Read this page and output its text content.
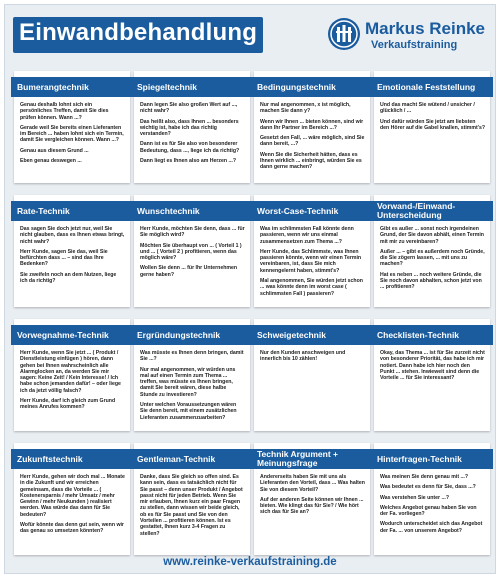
Einwandbehandlung	Markus Reinke
Verkaufstraining
Bumerangtechnik

Genau deshalb lohnt sich ein persönliches Treffen, damit Sie dies prüfen können. Wann ...?

Gerade weil Sie bereits einen Lieferanten im Bereich ... haben lohnt sich ein Termin, damit Sie vergleichen können. Wann ...?

Genau aus diesem Grund ...

Eben genau deswegen ...

Spiegeltechnik

Dann legen Sie also großen Wert auf ..., nicht wahr?

Das heißt also, dass Ihnen ... besonders wichtig ist, habe ich das richtig verstanden?

Dann ist es für Sie also von besonderer Bedeutung, dass ..., liege ich da richtig?

Dann liegt es Ihnen also am Herzen ...?

Bedingungstechnik

Nur mal angenommen, x ist möglich, machen Sie dann y?

Wenn wir Ihnen ... bieten können, sind wir dann Ihr Partner im Bereich ...?

Gesetzt den Fall, ... wäre möglich, sind Sie dann bereit, ...?

Wenn Sie die Sicherheit hätten, dass es Ihnen wirklich ... einbringt, würden Sie es dann gerne machen?

Emotionale Feststellung

Und das macht Sie wütend / unsicher / glücklich / ...

Und dafür würden Sie jetzt am liebsten den Hörer auf die Gabel knallen, stimmt's?

Rate-Technik

Das sagen Sie doch jetzt nur, weil Sie nicht glauben, dass es Ihnen etwas bringt, nicht wahr?

Herr Kunde, sagen Sie das, weil Sie befürchten dass ... – sind das Ihre Bedenken?

Sie zweifeln noch an dem Nutzen, liege ich da richtig?

Wunschtechnik

Herr Kunde, möchten Sie denn, dass ... für Sie möglich wird?

Möchten Sie überhaupt von ... ( Vorteil 1 ) und ... ( Vorteil 2 ) profitieren, wenn das möglich wäre?

Wollen Sie denn ... für Ihr Unternehmen gerne haben?

Worst-Case-Technik

Was im schlimmsten Fall könnte denn passieren, wenn wir uns einmal zusammensetzen zum Thema ...?

Herr Kunde, das Schlimmste, was Ihnen passieren könnte, wenn wir einen Termin vereinbaren, ist, dass Sie mich kennengelernt haben, stimmt's?

Mal angenommen, Sie würden jetzt schon ... was könnte denn im worst case ( schlimmsten Fall ) passieren?

Vorwand-/Einwand-Unterscheidung

Gibt es außer ... sonst noch irgendeinen Grund, der Sie davon abhält, einen Termin mit mir zu vereinbaren?

Außer ... – gibt es außerdem noch Gründe, die Sie zögern lassen, ... mit uns zu machen?

Hat es neben ... noch weitere Gründe, die Sie noch davon abhalten, schon jetzt von ... profitieren?

Vorwegnahme-Technik

Herr Kunde, wenn Sie jetzt ... ( Produkt / Dienstleistung einfügen ) hören, dann gehen bei Ihnen wahrscheinlich alle Alarmglocken an, da werden Sie mir sagen: Keine Zeit! / Kein Interesse! / Ich habe schon jemanden dafür! – oder liege ich da jetzt völlig falsch?

Herr Kunde, darf ich gleich zum Grund meines Anrufes kommen?

Ergründungstechnik

Was müsste es Ihnen denn bringen, damit Sie ...?

Nur mal angenommen, wir würden uns mal auf einen Termin zum Thema ... treffen, was müsste es Ihnen bringen, damit Sie bereit wären, diese halbe Stunde zu investieren?

Unter welchen Voraussetzungen wären Sie denn bereit, mit einem zusätzlichen Lieferanten zusammenzuarbeiten?

Schweigetechnik

Nur den Kunden anschweigen und innerlich bis 10 zählen!

Checklisten-Technik

Okay, das Thema ... ist für Sie zurzeit nicht von besonderer Priorität, das habe ich mir notiert. Dann habe ich hier noch den Punkt ... stehen. Inwieweit sind denn die Vorteile ... für Sie interessant?

Zukunftstechnik

Herr Kunde, gehen wir doch mal ... Monate in die Zukunft und wir erreichen gemeinsam, dass die Vorteile ... ( Kostenersparnis / mehr Umsatz / mehr Gewinn / mehr Neukunden ) realisiert werden. Was würde das dann für Sie bedeuten?

Wofür könnte das denn gut sein, wenn wir das genau so umsetzen könnten?

Gentleman-Technik

Danke, dass Sie gleich so offen sind. Es kann sein, dass es tatsächlich nicht für Sie passt – denn unser Produkt / Angebot passt nicht für jeden Betrieb. Wenn Sie mir erlauben, Ihnen kurz ein paar Fragen zu stellen, dann wissen wir beide gleich, ob es für Sie passt und Sie von den Vorteilen ... profitieren können. Ist es gestattet, Ihnen kurz 3-4 Fragen zu stellen?

Technik Argument + Meinungsfrage

Andererseits haben Sie mit uns als Lieferanten den Vorteil, dass ... Was halten Sie von diesem Vorteil?

Auf der anderen Seite können wir Ihnen ... bieten. Wie klingt das für Sie? / Wie hört sich das für Sie an?

Hinterfragen-Technik

Was meinen Sie denn genau mit ...?

Was bedeutet es denn für Sie, dass ...?

Was verstehen Sie unter ...?

Welches Angebot genau haben Sie von der Fa. vorliegen?

Wodurch unterscheidet sich das Angebot der Fa. ... von unserem Angebot?

www.reinke-verkaufstraining.de
